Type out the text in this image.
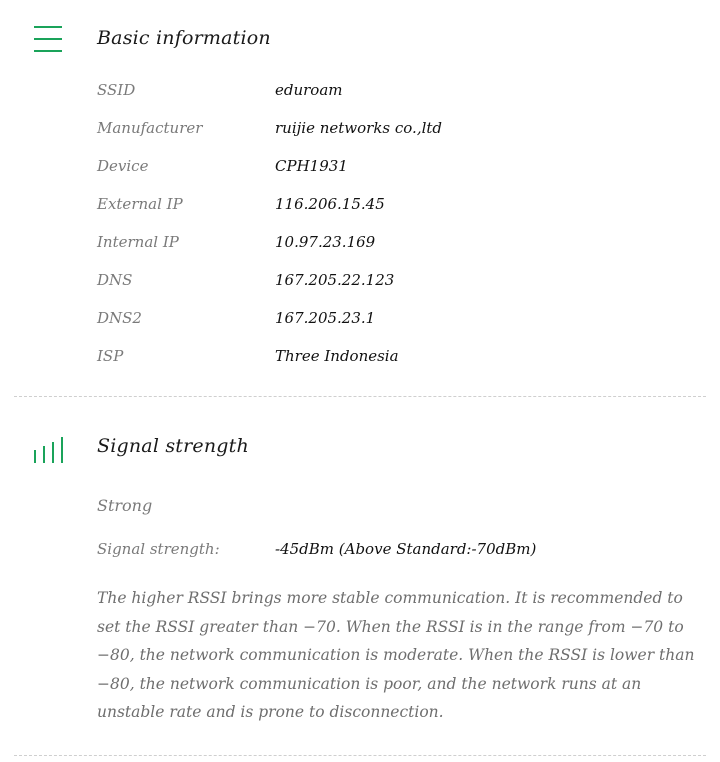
Basic information
SSID	eduroam
Manufacturer	ruijie networks co.,ltd
Device	CPH1931
External IP	116.206.15.45
Internal IP	10.97.23.169
DNS	167.205.22.123
DNS2	167.205.23.1
ISP	Three Indonesia
Signal strength
Strong
Signal strength:	-45dBm (Above Standard:-70dBm)
The higher RSSI brings more stable communication. It is recommended to set the RSSI greater than −70. When the RSSI is in the range from −70 to −80, the network communication is moderate. When the RSSI is lower than −80, the network communication is poor, and the network runs at an unstable rate and is prone to disconnection.
